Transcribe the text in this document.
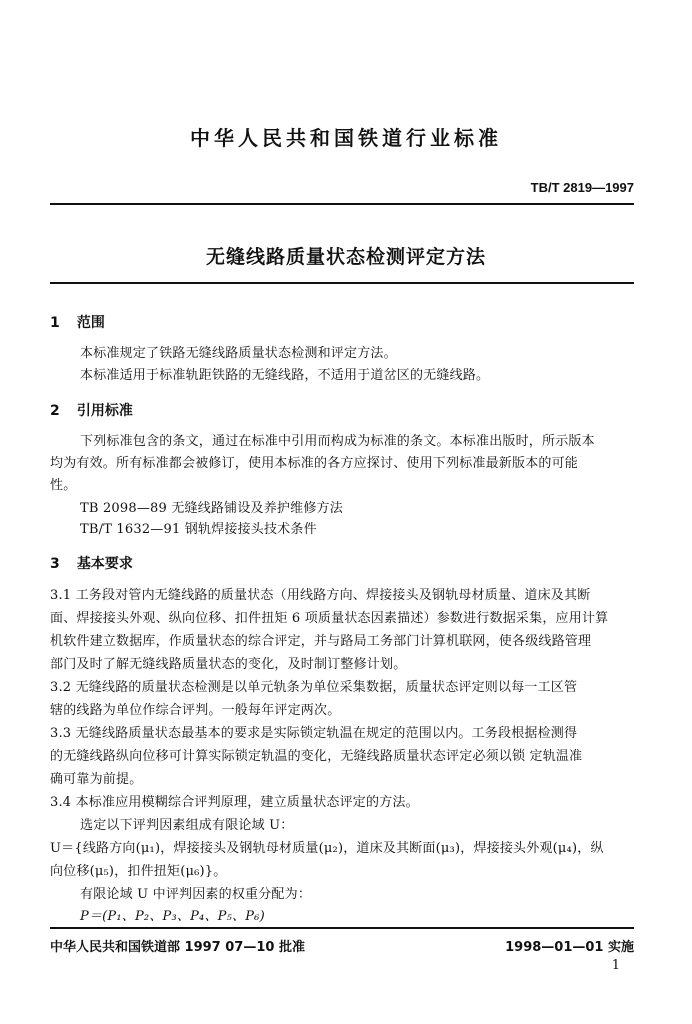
中华人民共和国铁道行业标准
TB/T 2819—1997
无缝线路质量状态检测评定方法
1 范围
本标准规定了铁路无缝线路质量状态检测和评定方法。
本标准适用于标准轨距铁路的无缝线路，不适用于道岔区的无缝线路。
2 引用标准
下列标准包含的条文，通过在标准中引用而构成为标准的条文。本标准出版时，所示版本
均为有效。所有标准都会被修订，使用本标准的各方应探讨、使用下列标准最新版本的可能
性。
TB 2098—89 无缝线路铺设及养护维修方法
TB/T 1632—91 钢轨焊接接头技术条件
3 基本要求
3.1 工务段对管内无缝线路的质量状态（用线路方向、焊接接头及钢轨母材质量、道床及其断
面、焊接接头外观、纵向位移、扣件扭矩 6 项质量状态因素描述）参数进行数据采集，应用计算
机软件建立数据库，作质量状态的综合评定，并与路局工务部门计算机联网，使各级线路管理
部门及时了解无缝线路质量状态的变化，及时制订整修计划。
3.2 无缝线路的质量状态检测是以单元轨条为单位采集数据，质量状态评定则以每一工区管
辖的线路为单位作综合评判。一般每年评定两次。
3.3 无缝线路质量状态最基本的要求是实际锁定轨温在规定的范围以内。工务段根据检测得
的无缝线路纵向位移可计算实际锁定轨温的变化，无缝线路质量状态评定必须以锁 定轨温准
确可靠为前提。
3.4 本标准应用模糊综合评判原理，建立质量状态评定的方法。
选定以下评判因素组成有限论域 U：
U＝{线路方向(μ₁)，焊接接头及钢轨母材质量(μ₂)，道床及其断面(μ₃)，焊接接头外观(μ₄)，纵
向位移(μ₅)，扣件扭矩(μ₆)}。
有限论域 U 中评判因素的权重分配为：
P＝(P₁、P₂、P₃、P₄、P₅、P₆)
中华人民共和国铁道部 1997 07—10 批准	1998—01—01 实施
1
